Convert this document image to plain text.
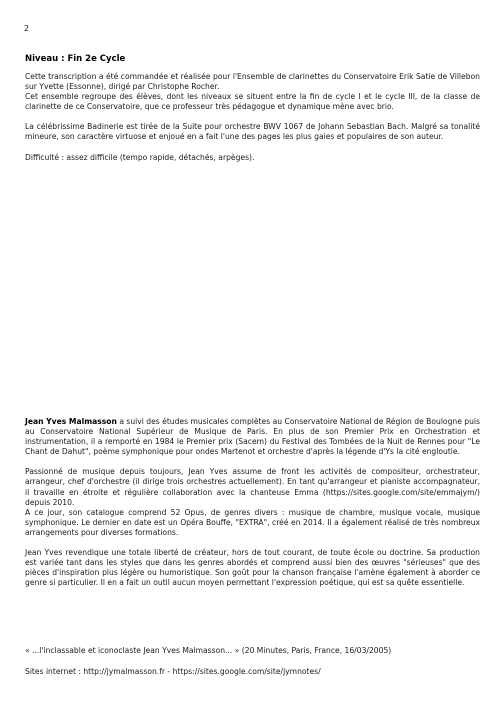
2
Niveau : Fin 2e Cycle

Cette transcription a été commandée et réalisée pour l'Ensemble de clarinettes du Conservatoire Erik Satie de Villebon sur Yvette (Essonne), dirigé par Christophe Rocher.

Cet ensemble regroupe des élèves, dont les niveaux se situent entre la fin de cycle I et le cycle III, de la classe de clarinette de ce Conservatoire, que ce professeur très pédagogue et dynamique mène avec brio.

La célébrissime Badinerie est tirée de la Suite pour orchestre BWV 1067 de Johann Sebastian Bach. Malgré sa tonalité mineure, son caractère virtuose et enjoué en a fait l'une des pages les plus gaies et populaires de son auteur.

Difficulté : assez difficile (tempo rapide, détachés, arpèges).

Jean Yves Malmasson a suivi des études musicales complètes au Conservatoire National de Région de Boulogne puis au Conservatoire National Supérieur de Musique de Paris. En plus de son Premier Prix en Orchestration et instrumentation, il a remporté en 1984 le Premier prix (Sacem) du Festival des Tombées de la Nuit de Rennes pour "Le Chant de Dahut", poème symphonique pour ondes Martenot et orchestre d'après la légende d'Ys la cité engloutie.

Passionné de musique depuis toujours, Jean Yves assume de front les activités de compositeur, orchestrateur, arrangeur, chef d'orchestre (il dirige trois orchestres actuellement). En tant qu'arrangeur et pianiste accompagnateur, il travaille en étroite et régulière collaboration avec la chanteuse Emma (https://sites.google.com/site/emmajym/) depuis 2010.

A ce jour, son catalogue comprend 52 Opus, de genres divers : musique de chambre, musique vocale, musique symphonique. Le dernier en date est un Opéra Bouffe, "EXTRA", créé en 2014. Il a également réalisé de très nombreux arrangements pour diverses formations.

Jean Yves revendique une totale liberté de créateur, hors de tout courant, de toute école ou doctrine. Sa production est variée tant dans les styles que dans les genres abordés et comprend aussi bien des œuvres "sérieuses" que des pièces d'inspiration plus légère ou humoristique. Son goût pour la chanson française l'amène également à aborder ce genre si particulier. Il en a fait un outil aucun moyen permettant l'expression poétique, qui est sa quête essentielle.

« ...l'inclassable et iconoclaste Jean Yves Malmasson... » (20 Minutes, Paris, France, 16/03/2005)
Sites internet : http://jymalmasson.fr - https://sites.google.com/site/jymnotes/
